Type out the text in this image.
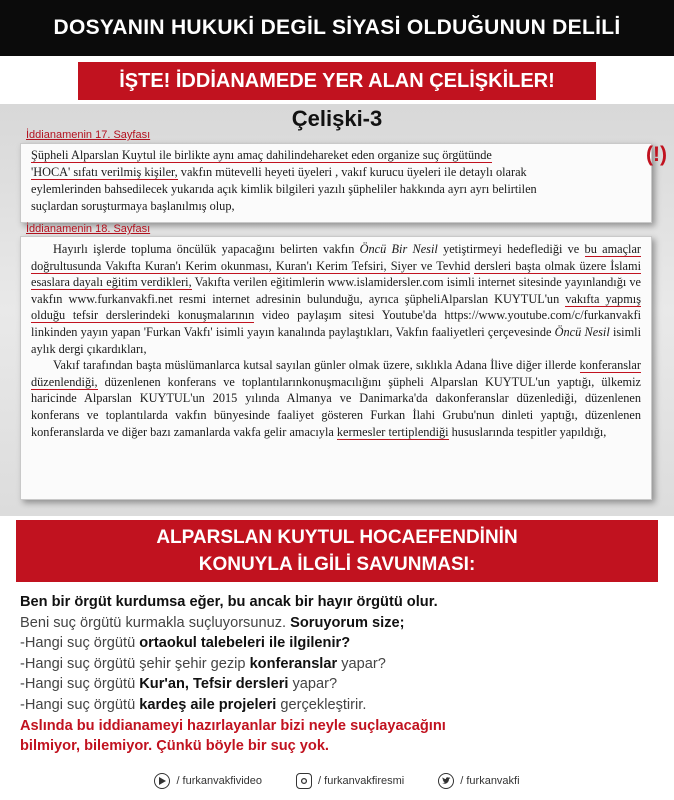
DOSYANIN HUKUKİ DEGİL SİYASİ OLDUĞUNUN DELİLİ
İŞTE! İDDİANAMEDE YER ALAN ÇELİŞKİLER!
Çelişki-3
İddianamenin 17. Sayfası
Şüpheli Alparslan Kuytul ile birlikte aynı amaç dahilindehareket eden organize suç örgütünde
'HOCA' sıfatı verilmiş kişiler, vakfın mütevelli heyeti üyeleri , vakıf kurucu üyeleri ile detaylı olarak
eylemlerinden bahsedilecek yukarıda açık kimlik bilgileri yazılı şüpheliler hakkında ayrı ayrı belirtilen
suçlardan soruşturmaya başlanılmış olup,
(!)
İddianamenin 18. Sayfası

Hayırlı işlerde topluma öncülük yapacağını belirten vakfın Öncü Bir Nesil yetiştirmeyi hedeflediği ve bu amaçlar doğrultusunda Vakıfta Kuran'ı Kerim okunması, Kuran'ı Kerim Tefsiri, Siyer ve Tevhid dersleri başta olmak üzere İslami esaslara dayalı eğitim verdikleri, Vakıfta verilen eğitimlerin www.islamidersler.com isimli internet sitesinde yayınlandığı ve vakfın www.furkanvakfi.net resmi internet adresinin bulunduğu, ayrıca şüpheliAlparslan KUYTUL'un vakıfta yapmış olduğu tefsir derslerindeki konuşmalarının video paylaşım sitesi Youtube'da https://www.youtube.com/c/furkanvakfi linkinden yayın yapan 'Furkan Vakfı' isimli yayın kanalında paylaştıkları, Vakfın faaliyetleri çerçevesinde Öncü Nesil isimli aylık dergi çıkardıkları,

Vakıf tarafından başta müslümanlarca kutsal sayılan günler olmak üzere, sıklıkla Adana İlive diğer illerde konferanslar düzenlendiği, düzenlenen konferans ve toplantılarınkonuşmacılığını şüpheli Alparslan KUYTUL'un yaptığı, ülkemiz haricinde Alparslan KUYTUL'un 2015 yılında Almanya ve Danimarka'da dakonferanslar düzenlediği, düzenlenen konferans ve toplantılarda vakfın bünyesinde faaliyet gösteren Furkan İlahi Grubu'nun dinleti yaptığı, düzenlenen konferanslarda ve diğer bazı zamanlarda vakfa gelir amacıyla kermesler tertiplendiği hususlarında tespitler yapıldığı,

ALPARSLAN KUYTUL HOCAEFENDİNİN
KONUYLA İLGİLİ SAVUNMASI:
Ben bir örgüt kurdumsa eğer, bu ancak bir hayır örgütü olur.
Beni suç örgütü kurmakla suçluyorsunuz. Soruyorum size;
-Hangi suç örgütü ortaokul talebeleri ile ilgilenir?
-Hangi suç örgütü şehir şehir gezip konferanslar yapar?
-Hangi suç örgütü Kur'an, Tefsir dersleri yapar?
-Hangi suç örgütü kardeş aile projeleri gerçekleştirir.
Aslında bu iddianameyi hazırlayanlar bizi neyle suçlayacağını
bilmiyor, bilemiyor. Çünkü böyle bir suç yok.
/ furkanvakfivideo	/ furkanvakfiresmi	/ furkanvakfi
